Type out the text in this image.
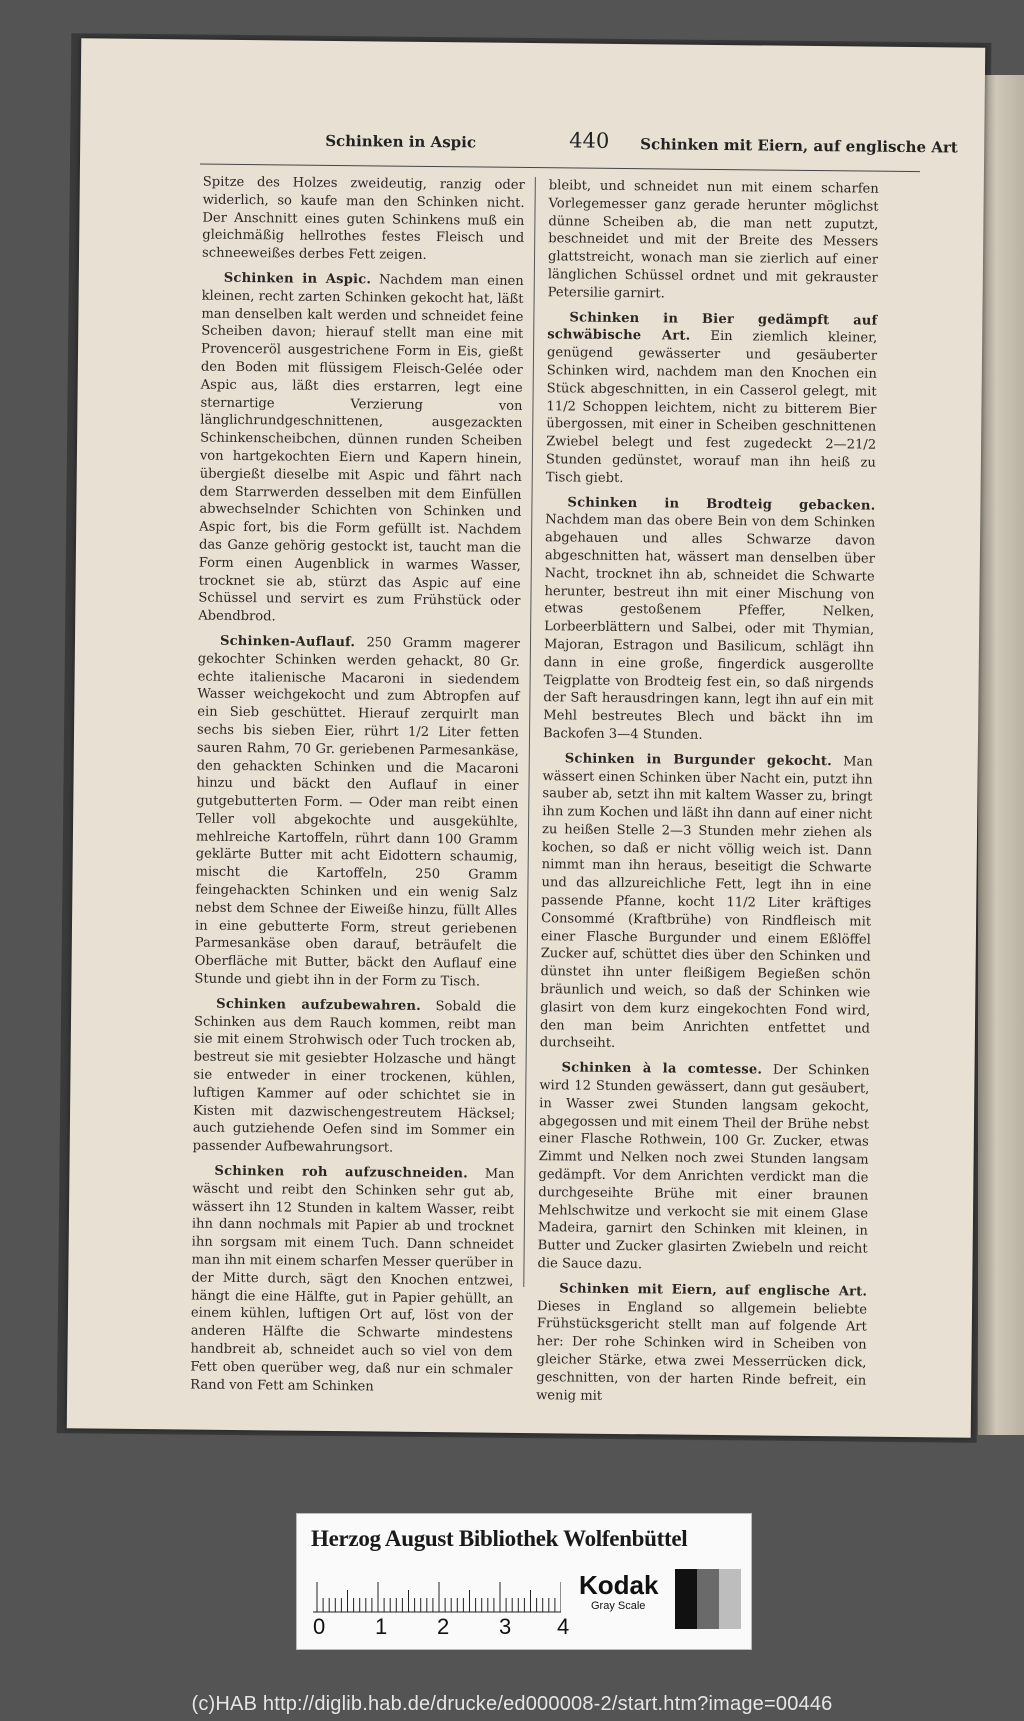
Schinken in Aspic	440 Schinken mit Eiern, auf englische Art

Spitze des Holzes zweideutig, ranzig oder widerlich, so kaufe man den Schinken nicht. Der Anschnitt eines guten Schinkens muß ein gleichmäßig hellrothes festes Fleisch und schneeweißes derbes Fett zeigen.

Schinken in Aspic. Nachdem man einen kleinen, recht zarten Schinken gekocht hat, läßt man denselben kalt werden und schneidet feine Scheiben davon; hierauf stellt man eine mit Provenceröl ausgestrichene Form in Eis, gießt den Boden mit flüssigem Fleisch-Gelée oder Aspic aus, läßt dies erstarren, legt eine sternartige Verzierung von länglichrundgeschnittenen, ausgezackten Schinkenscheibchen, dünnen runden Scheiben von hartgekochten Eiern und Kapern hinein, übergießt dieselbe mit Aspic und fährt nach dem Starrwerden desselben mit dem Einfüllen abwechselnder Schichten von Schinken und Aspic fort, bis die Form gefüllt ist. Nachdem das Ganze gehörig gestockt ist, taucht man die Form einen Augenblick in warmes Wasser, trocknet sie ab, stürzt das Aspic auf eine Schüssel und servirt es zum Frühstück oder Abendbrod.

Schinken-Auflauf. 250 Gramm magerer gekochter Schinken werden gehackt, 80 Gr. echte italienische Macaroni in siedendem Wasser weichgekocht und zum Abtropfen auf ein Sieb geschüttet. Hierauf zerquirlt man sechs bis sieben Eier, rührt 1/2 Liter fetten sauren Rahm, 70 Gr. geriebenen Parmesankäse, den gehackten Schinken und die Macaroni hinzu und bäckt den Auflauf in einer gutgebutterten Form. — Oder man reibt einen Teller voll abgekochte und ausgekühlte, mehlreiche Kartoffeln, rührt dann 100 Gramm geklärte Butter mit acht Eidottern schaumig, mischt die Kartoffeln, 250 Gramm feingehackten Schinken und ein wenig Salz nebst dem Schnee der Eiweiße hinzu, füllt Alles in eine gebutterte Form, streut geriebenen Parmesankäse oben darauf, beträufelt die Oberfläche mit Butter, bäckt den Auflauf eine Stunde und giebt ihn in der Form zu Tisch.

Schinken aufzubewahren. Sobald die Schinken aus dem Rauch kommen, reibt man sie mit einem Strohwisch oder Tuch trocken ab, bestreut sie mit gesiebter Holzasche und hängt sie entweder in einer trockenen, kühlen, luftigen Kammer auf oder schichtet sie in Kisten mit dazwischengestreutem Häcksel; auch gutziehende Oefen sind im Sommer ein passender Aufbewahrungsort.

Schinken roh aufzuschneiden. Man wäscht und reibt den Schinken sehr gut ab, wässert ihn 12 Stunden in kaltem Wasser, reibt ihn dann nochmals mit Papier ab und trocknet ihn sorgsam mit einem Tuch. Dann schneidet man ihn mit einem scharfen Messer querüber in der Mitte durch, sägt den Knochen entzwei, hängt die eine Hälfte, gut in Papier gehüllt, an einem kühlen, luftigen Ort auf, löst von der anderen Hälfte die Schwarte mindestens handbreit ab, schneidet auch so viel von dem Fett oben querüber weg, daß nur ein schmaler Rand von Fett am Schinken

bleibt, und schneidet nun mit einem scharfen Vorlegemesser ganz gerade herunter möglichst dünne Scheiben ab, die man nett zuputzt, beschneidet und mit der Breite des Messers glattstreicht, wonach man sie zierlich auf einer länglichen Schüssel ordnet und mit gekrauster Petersilie garnirt.

Schinken in Bier gedämpft auf schwäbische Art. Ein ziemlich kleiner, genügend gewässerter und gesäuberter Schinken wird, nachdem man den Knochen ein Stück abgeschnitten, in ein Casserol gelegt, mit 11/2 Schoppen leichtem, nicht zu bitterem Bier übergossen, mit einer in Scheiben geschnittenen Zwiebel belegt und fest zugedeckt 2—21/2 Stunden gedünstet, worauf man ihn heiß zu Tisch giebt.

Schinken in Brodteig gebacken. Nachdem man das obere Bein von dem Schinken abgehauen und alles Schwarze davon abgeschnitten hat, wässert man denselben über Nacht, trocknet ihn ab, schneidet die Schwarte herunter, bestreut ihn mit einer Mischung von etwas gestoßenem Pfeffer, Nelken, Lorbeerblättern und Salbei, oder mit Thymian, Majoran, Estragon und Basilicum, schlägt ihn dann in eine große, fingerdick ausgerollte Teigplatte von Brodteig fest ein, so daß nirgends der Saft herausdringen kann, legt ihn auf ein mit Mehl bestreutes Blech und bäckt ihn im Backofen 3—4 Stunden.

Schinken in Burgunder gekocht. Man wässert einen Schinken über Nacht ein, putzt ihn sauber ab, setzt ihn mit kaltem Wasser zu, bringt ihn zum Kochen und läßt ihn dann auf einer nicht zu heißen Stelle 2—3 Stunden mehr ziehen als kochen, so daß er nicht völlig weich ist. Dann nimmt man ihn heraus, beseitigt die Schwarte und das allzureichliche Fett, legt ihn in eine passende Pfanne, kocht 11/2 Liter kräftiges Consommé (Kraftbrühe) von Rindfleisch mit einer Flasche Burgunder und einem Eßlöffel Zucker auf, schüttet dies über den Schinken und dünstet ihn unter fleißigem Begießen schön bräunlich und weich, so daß der Schinken wie glasirt von dem kurz eingekochten Fond wird, den man beim Anrichten entfettet und durchseiht.

Schinken à la comtesse. Der Schinken wird 12 Stunden gewässert, dann gut gesäubert, in Wasser zwei Stunden langsam gekocht, abgegossen und mit einem Theil der Brühe nebst einer Flasche Rothwein, 100 Gr. Zucker, etwas Zimmt und Nelken noch zwei Stunden langsam gedämpft. Vor dem Anrichten verdickt man die durchgeseihte Brühe mit einer braunen Mehlschwitze und verkocht sie mit einem Glase Madeira, garnirt den Schinken mit kleinen, in Butter und Zucker glasirten Zwiebeln und reicht die Sauce dazu.

Schinken mit Eiern, auf englische Art. Dieses in England so allgemein beliebte Frühstücksgericht stellt man auf folgende Art her: Der rohe Schinken wird in Scheiben von gleicher Stärke, etwa zwei Messerrücken dick, geschnitten, von der harten Rinde befreit, ein wenig mit

Herzog August Bibliothek Wolfenbüttel
0 1 2 3 4
Kodak
Gray Scale
(c)HAB http://diglib.hab.de/drucke/ed000008-2/start.htm?image=00446
